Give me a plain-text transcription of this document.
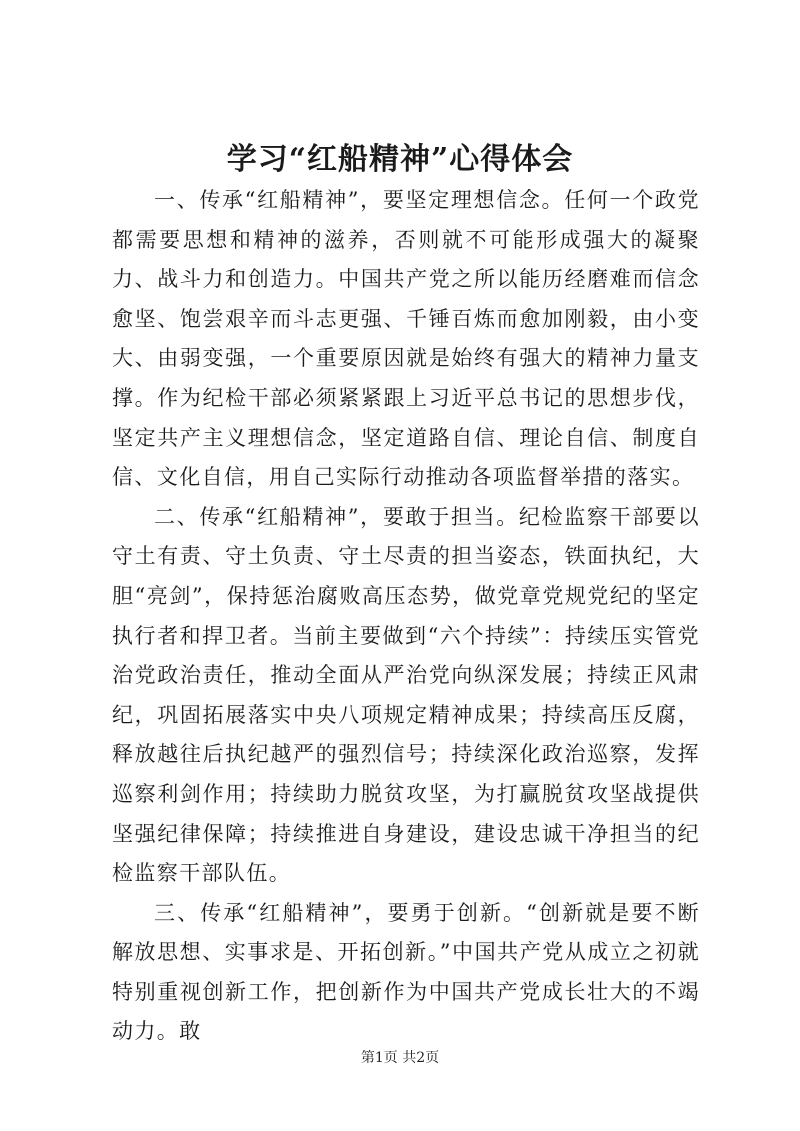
学习“红船精神”心得体会

一、传承“红船精神”，要坚定理想信念。任何一个政党都需要思想和精神的滋养，否则就不可能形成强大的凝聚力、战斗力和创造力。中国共产党之所以能历经磨难而信念愈坚、饱尝艰辛而斗志更强、千锤百炼而愈加刚毅，由小变大、由弱变强，一个重要原因就是始终有强大的精神力量支撑。作为纪检干部必须紧紧跟上习近平总书记的思想步伐，坚定共产主义理想信念，坚定道路自信、理论自信、制度自信、文化自信，用自己实际行动推动各项监督举措的落实。

二、传承“红船精神”，要敢于担当。纪检监察干部要以守土有责、守土负责、守土尽责的担当姿态，铁面执纪，大胆“亮剑”，保持惩治腐败高压态势，做党章党规党纪的坚定执行者和捍卫者。当前主要做到“六个持续”：持续压实管党治党政治责任，推动全面从严治党向纵深发展；持续正风肃纪，巩固拓展落实中央八项规定精神成果；持续高压反腐，释放越往后执纪越严的强烈信号；持续深化政治巡察，发挥巡察利剑作用；持续助力脱贫攻坚，为打赢脱贫攻坚战提供坚强纪律保障；持续推进自身建设，建设忠诚干净担当的纪检监察干部队伍。

三、传承“红船精神”，要勇于创新。“创新就是要不断解放思想、实事求是、开拓创新。”中国共产党从成立之初就特别重视创新工作，把创新作为中国共产党成长壮大的不竭动力。敢

第1页 共2页
